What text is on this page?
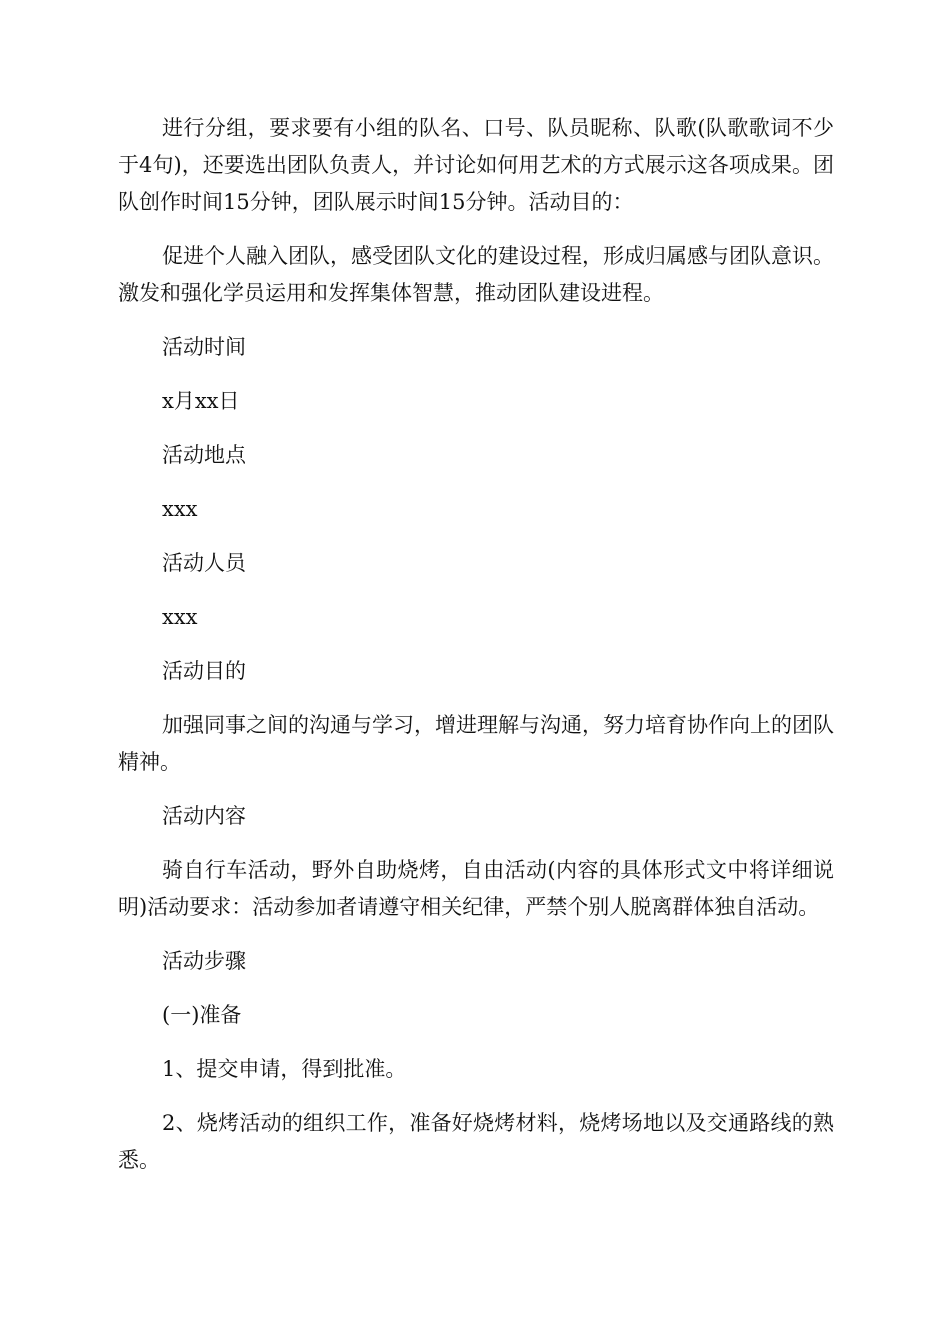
进行分组，要求要有小组的队名、口号、队员昵称、队歌(队歌歌词不少于4句)，还要选出团队负责人，并讨论如何用艺术的方式展示这各项成果。团队创作时间15分钟，团队展示时间15分钟。活动目的：

促进个人融入团队，感受团队文化的建设过程，形成归属感与团队意识。激发和强化学员运用和发挥集体智慧，推动团队建设进程。

活动时间

x月xx日

活动地点

xxx

活动人员

xxx

活动目的

加强同事之间的沟通与学习，增进理解与沟通，努力培育协作向上的团队精神。

活动内容

骑自行车活动，野外自助烧烤，自由活动(内容的具体形式文中将详细说明)活动要求：活动参加者请遵守相关纪律，严禁个别人脱离群体独自活动。

活动步骤

(一)准备

1、提交申请，得到批准。

2、烧烤活动的组织工作，准备好烧烤材料，烧烤场地以及交通路线的熟悉。
